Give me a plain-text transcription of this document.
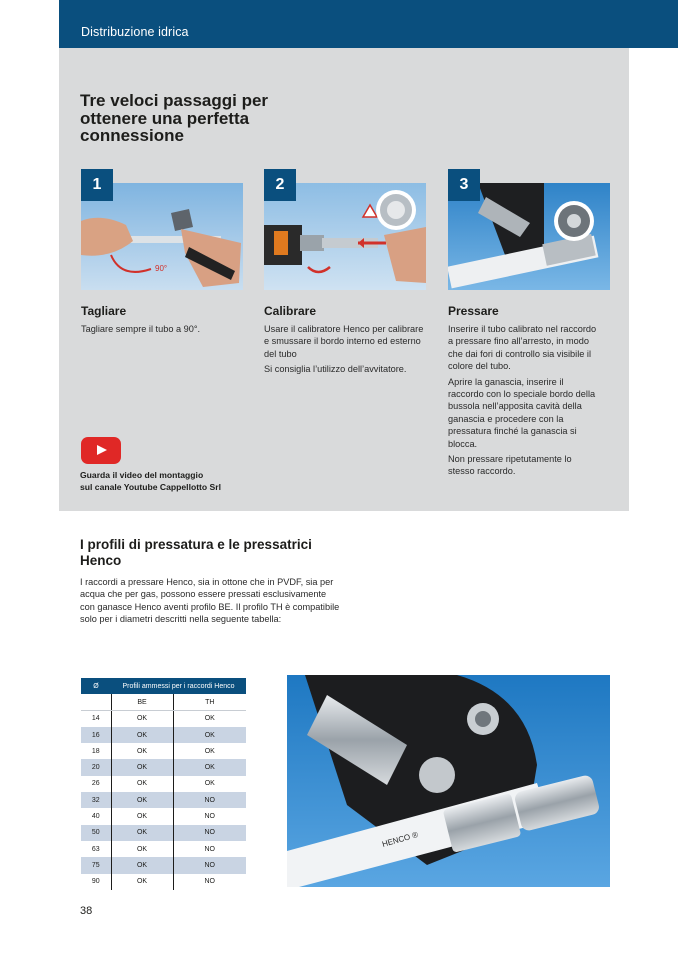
Distribuzione idrica
Tre veloci passaggi per ottenere una perfetta connessione
90°
1	2	3
Tagliare	Calibrare	Pressare

Tagliare sempre il tubo a 90°.	Usare il calibratore Henco per calibrare e smussare il bordo interno ed esterno del tubo

Si consiglia l’utilizzo dell’avvitatore.

Inserire il tubo calibrato nel raccordo a pressare fino all’arresto, in modo che dai fori di controllo sia visibile il colore del tubo.

Aprire la ganascia, inserire il raccordo con lo speciale bordo della bussola nell’apposita cavità della ganascia e procedere con la pressatura finché la ganascia si blocca.

Non pressare ripetutamente lo stesso raccordo.

Guarda il video del montaggio
sul canale Youtube Cappellotto Srl
I profili di pressatura e le pressatrici Henco

I raccordi a pressare Henco, sia in ottone che in PVDF, sia per acqua che per gas, possono essere pressati esclusivamente con ganasce Henco aventi profilo BE. Il profilo TH è compatibile solo per i diametri descritti nella seguente tabella:

Ø	Profili ammessi per i raccordi Henco	
	BE	TH
14	OK	OK
16	OK	OK
18	OK	OK
20	OK	OK
26	OK	OK
32	OK	NO
40	OK	NO
50	OK	NO
63	OK	NO
75	OK	NO
90	OK	NO
HENCO ®
38
